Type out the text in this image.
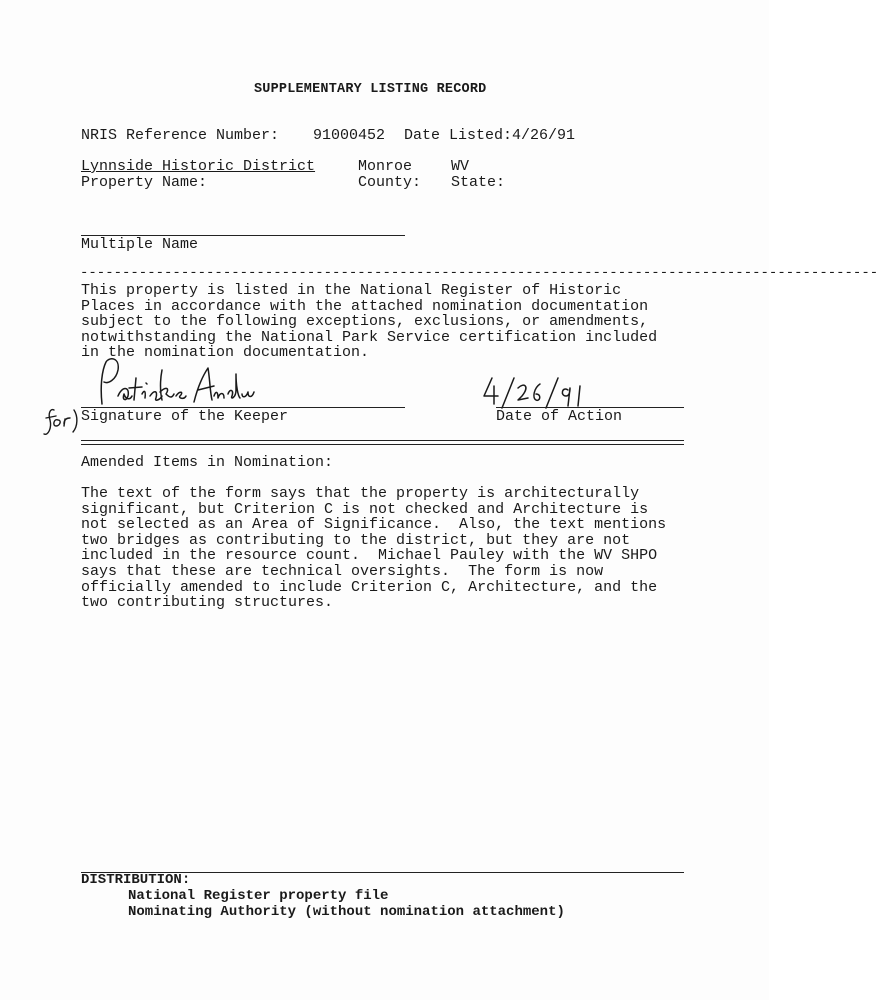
SUPPLEMENTARY LISTING RECORD
NRIS Reference Number: 91000452 Date Listed:4/26/91
Lynnside Historic District	Monroe	WV
Property Name:	County: State:
Multiple Name
-----------------------------------------------------------------------------------------------
This property is listed in the National Register of Historic
Places in accordance with the attached nomination documentation
subject to the following exceptions, exclusions, or amendments,
notwithstanding the National Park Service certification included
in the nomination documentation.
Signature of the Keeper	Date of Action
Amended Items in Nomination:
The text of the form says that the property is architecturally
significant, but Criterion C is not checked and Architecture is
not selected as an Area of Significance.  Also, the text mentions
two bridges as contributing to the district, but they are not
included in the resource count.  Michael Pauley with the WV SHPO
says that these are technical oversights.  The form is now
officially amended to include Criterion C, Architecture, and the
two contributing structures.
DISTRIBUTION:
National Register property file
Nominating Authority (without nomination attachment)
